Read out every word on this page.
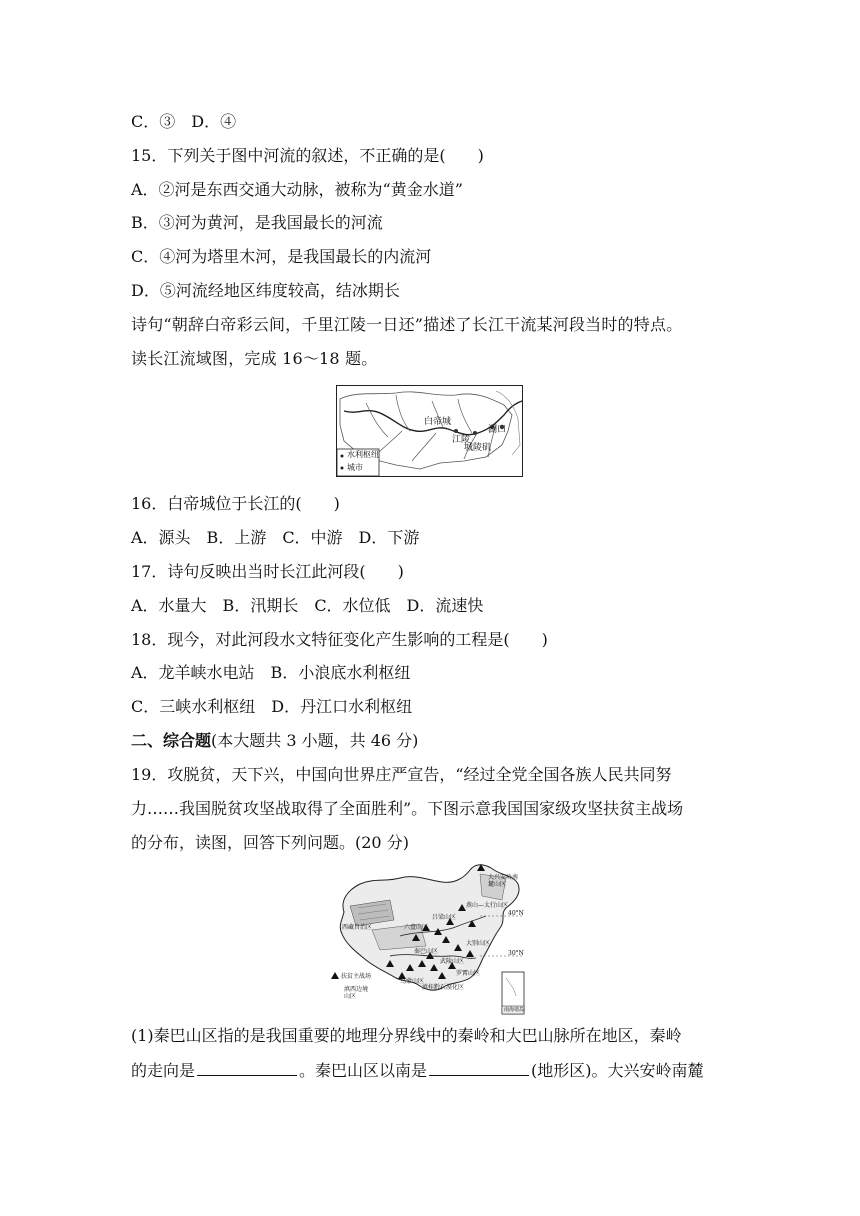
C．③　D．④
15．下列关于图中河流的叙述，不正确的是(　　)
A．②河是东西交通大动脉，被称为“黄金水道”
B．③河为黄河，是我国最长的河流
C．④河为塔里木河，是我国最长的内流河
D．⑤河流经地区纬度较高，结冰期长
诗句“朝辞白帝彩云间，千里江陵一日还”描述了长江干流某河段当时的特点。
读长江流域图，完成 16～18 题。
白帝城
江陵
城陵矶
湖口
水利枢纽
城市
16．白帝城位于长江的(　　)
A．源头　B．上游　C．中游　D．下游
17．诗句反映出当时长江此河段(　　)
A．水量大　B．汛期长　C．水位低　D．流速快
18．现今，对此河段水文特征变化产生影响的工程是(　　)
A．龙羊峡水电站　B．小浪底水利枢纽
C．三峡水利枢纽　D．丹江口水利枢纽
二、综合题(本大题共 3 小题，共 46 分)
19．攻脱贫，天下兴，中国向世界庄严宣告，“经过全党全国各族人民共同努
力……我国脱贫攻坚战取得了全面胜利”。下图示意我国国家级攻坚扶贫主战场
的分布，读图，回答下列问题。(20 分)
大兴安岭南麓山区
燕山—太行山区
西藏自治区
吕梁山区
六盘山区
秦巴山区
大别山区
乌蒙山区
武陵山区
罗霄山区
滇西边境山区
滇桂黔石漠化区
40°N
30°N
扶贫主战场
南海诸岛
(1)秦巴山区指的是我国重要的地理分界线中的秦岭和大巴山脉所在地区，秦岭
的走向是	。秦巴山区以南是	(地形区)。大兴安岭南麓
